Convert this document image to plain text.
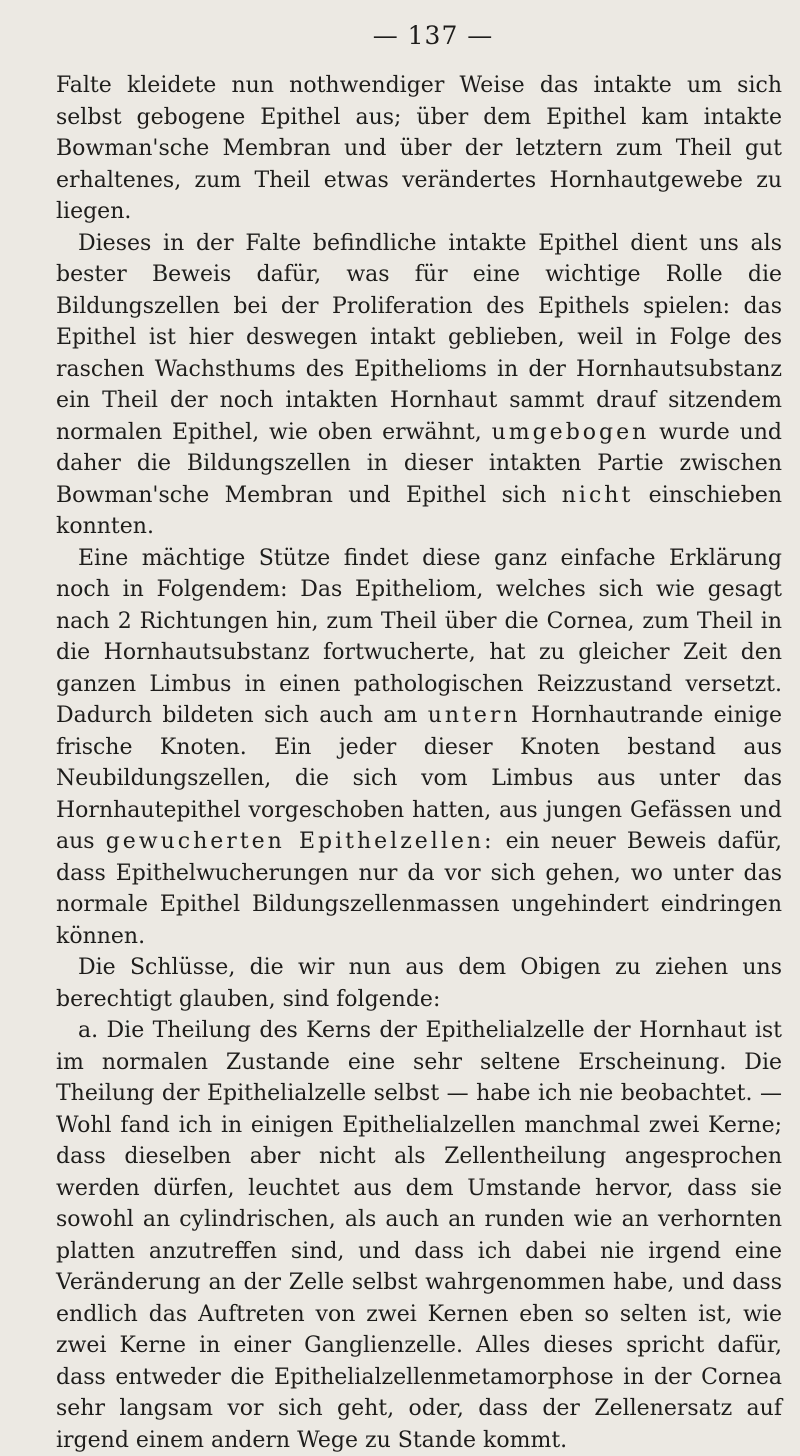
— 137 —

Falte kleidete nun nothwendiger Weise das intakte um sich selbst gebogene Epithel aus; über dem Epithel kam intakte Bowman'sche Membran und über der letztern zum Theil gut erhaltenes, zum Theil etwas verändertes Hornhautgewebe zu liegen.

Dieses in der Falte befindliche intakte Epithel dient uns als bester Beweis dafür, was für eine wichtige Rolle die Bildungszellen bei der Proliferation des Epithels spielen: das Epithel ist hier deswegen intakt geblieben, weil in Folge des raschen Wachsthums des Epithelioms in der Hornhautsubstanz ein Theil der noch intakten Hornhaut sammt drauf sitzendem normalen Epithel, wie oben erwähnt, umgebogen wurde und daher die Bildungszellen in dieser intakten Partie zwischen Bowman'sche Membran und Epithel sich nicht einschieben konnten.

Eine mächtige Stütze findet diese ganz einfache Erklärung noch in Folgendem: Das Epitheliom, welches sich wie gesagt nach 2 Richtungen hin, zum Theil über die Cornea, zum Theil in die Hornhautsubstanz fortwucherte, hat zu gleicher Zeit den ganzen Limbus in einen pathologischen Reizzustand versetzt. Dadurch bildeten sich auch am untern Hornhautrande einige frische Knoten. Ein jeder dieser Knoten bestand aus Neubildungszellen, die sich vom Limbus aus unter das Hornhautepithel vorgeschoben hatten, aus jungen Gefässen und aus gewucherten Epithelzellen: ein neuer Beweis dafür, dass Epithelwucherungen nur da vor sich gehen, wo unter das normale Epithel Bildungszellenmassen ungehindert eindringen können.

Die Schlüsse, die wir nun aus dem Obigen zu ziehen uns berechtigt glauben, sind folgende:

a. Die Theilung des Kerns der Epithelialzelle der Hornhaut ist im normalen Zustande eine sehr seltene Erscheinung. Die Theilung der Epithelialzelle selbst — habe ich nie beobachtet. — Wohl fand ich in einigen Epithelialzellen manchmal zwei Kerne; dass dieselben aber nicht als Zellentheilung angesprochen werden dürfen, leuchtet aus dem Umstande hervor, dass sie sowohl an cylindrischen, als auch an runden wie an verhornten platten anzutreffen sind, und dass ich dabei nie irgend eine Veränderung an der Zelle selbst wahrgenommen habe, und dass endlich das Auftreten von zwei Kernen eben so selten ist, wie zwei Kerne in einer Ganglienzelle. Alles dieses spricht dafür, dass entweder die Epithelialzellenmetamorphose in der Cornea sehr langsam vor sich geht, oder, dass der Zellenersatz auf irgend einem andern Wege zu Stande kommt.
